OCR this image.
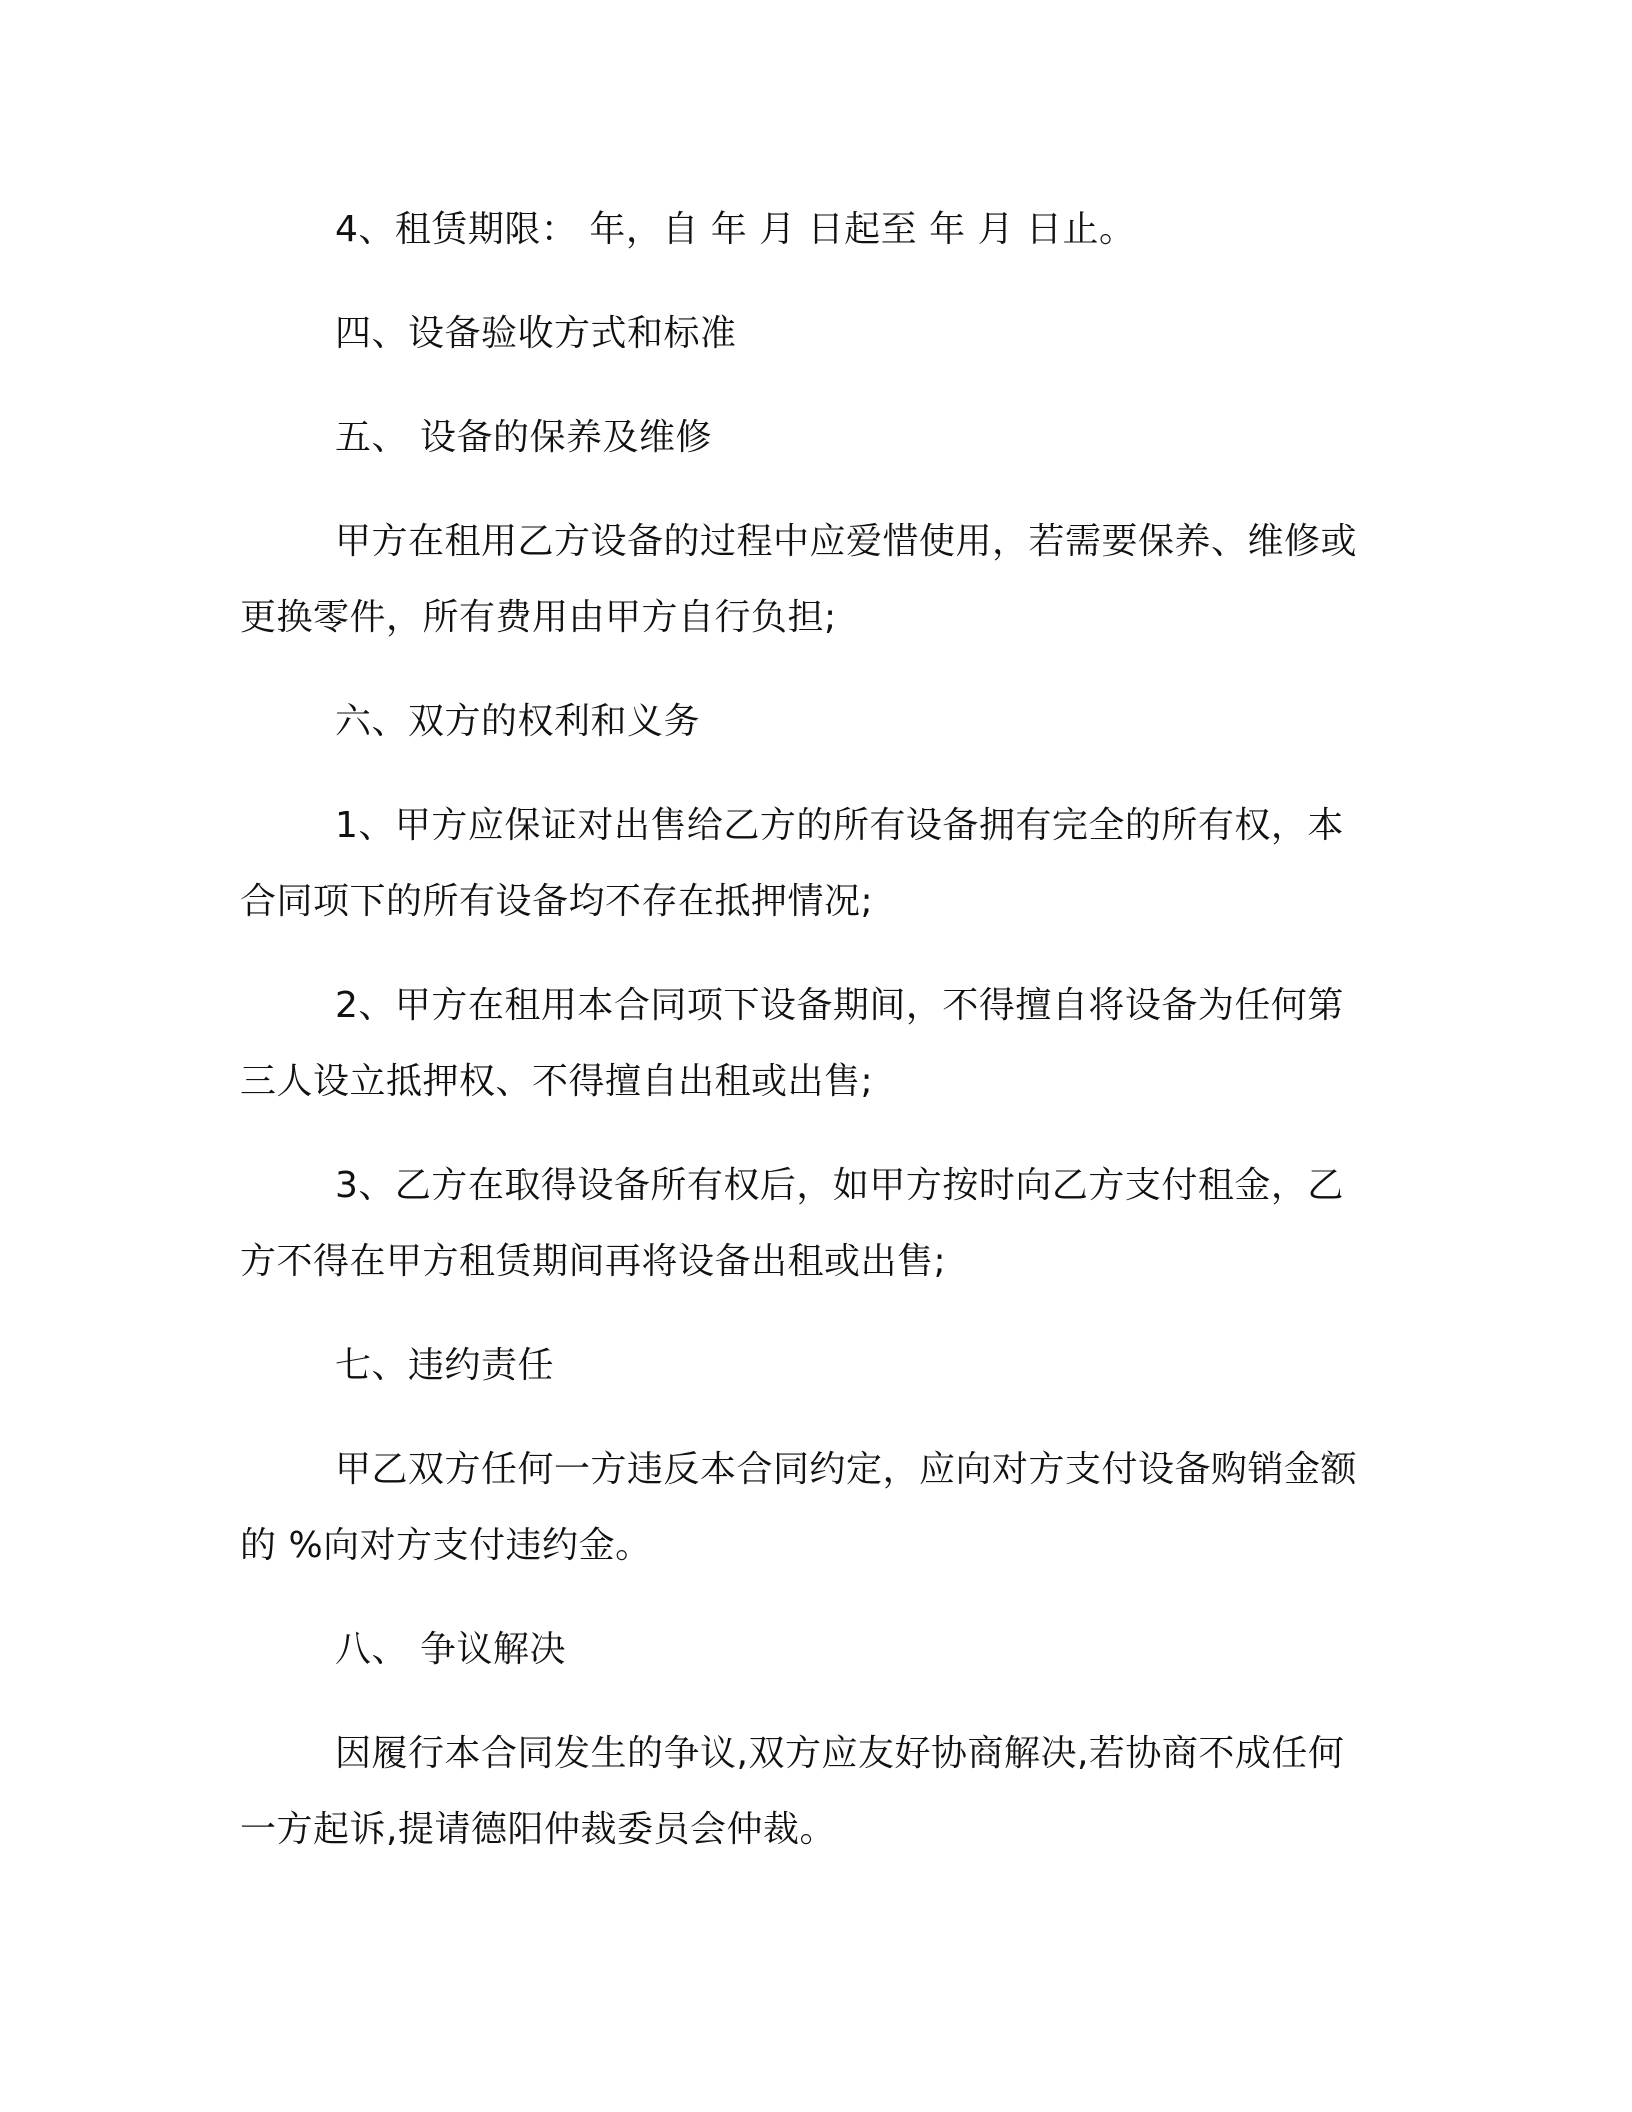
4、租赁期限： 年，自 年 月 日起至 年 月 日止。

四、设备验收方式和标准

五、 设备的保养及维修

甲方在租用乙方设备的过程中应爱惜使用，若需要保养、维修或更换零件，所有费用由甲方自行负担;

六、双方的权利和义务

1、甲方应保证对出售给乙方的所有设备拥有完全的所有权，本合同项下的所有设备均不存在抵押情况;

2、甲方在租用本合同项下设备期间，不得擅自将设备为任何第三人设立抵押权、不得擅自出租或出售;

3、乙方在取得设备所有权后，如甲方按时向乙方支付租金，乙方不得在甲方租赁期间再将设备出租或出售;

七、违约责任

甲乙双方任何一方违反本合同约定，应向对方支付设备购销金额的 %向对方支付违约金。

八、 争议解决

因履行本合同发生的争议,双方应友好协商解决,若协商不成任何一方起诉,提请德阳仲裁委员会仲裁。
